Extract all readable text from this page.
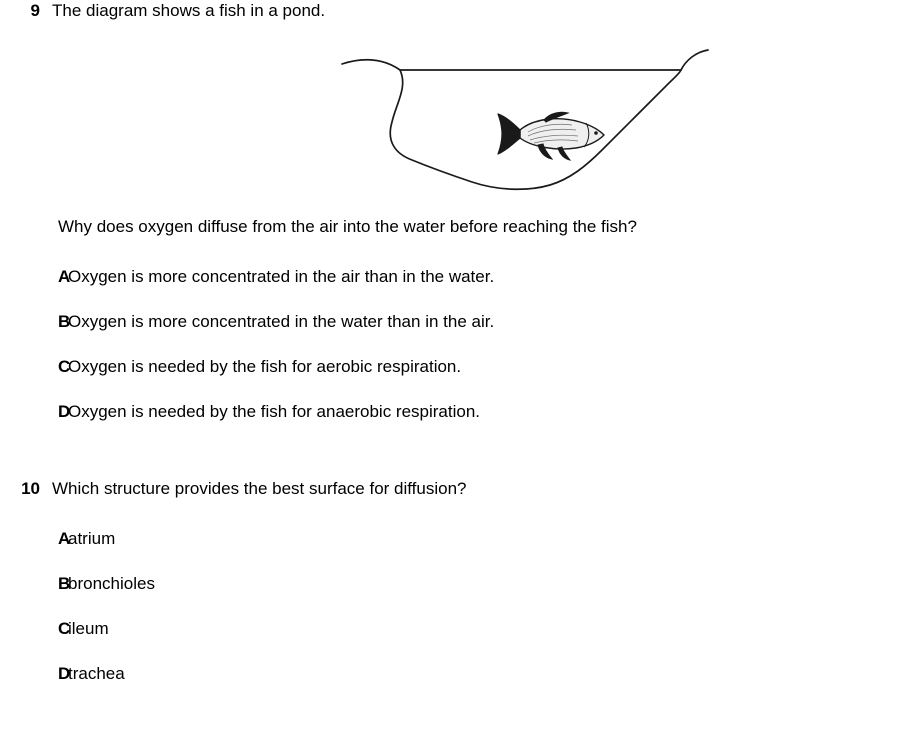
9 The diagram shows a fish in a pond.
Why does oxygen diffuse from the air into the water before reaching the fish?
A
Oxygen is more concentrated in the air than in the water.
B
Oxygen is more concentrated in the water than in the air.
C
Oxygen is needed by the fish for aerobic respiration.
D
Oxygen is needed by the fish for anaerobic respiration.
10 Which structure provides the best surface for diffusion?
A
atrium
B
bronchioles
C
ileum
D
trachea
